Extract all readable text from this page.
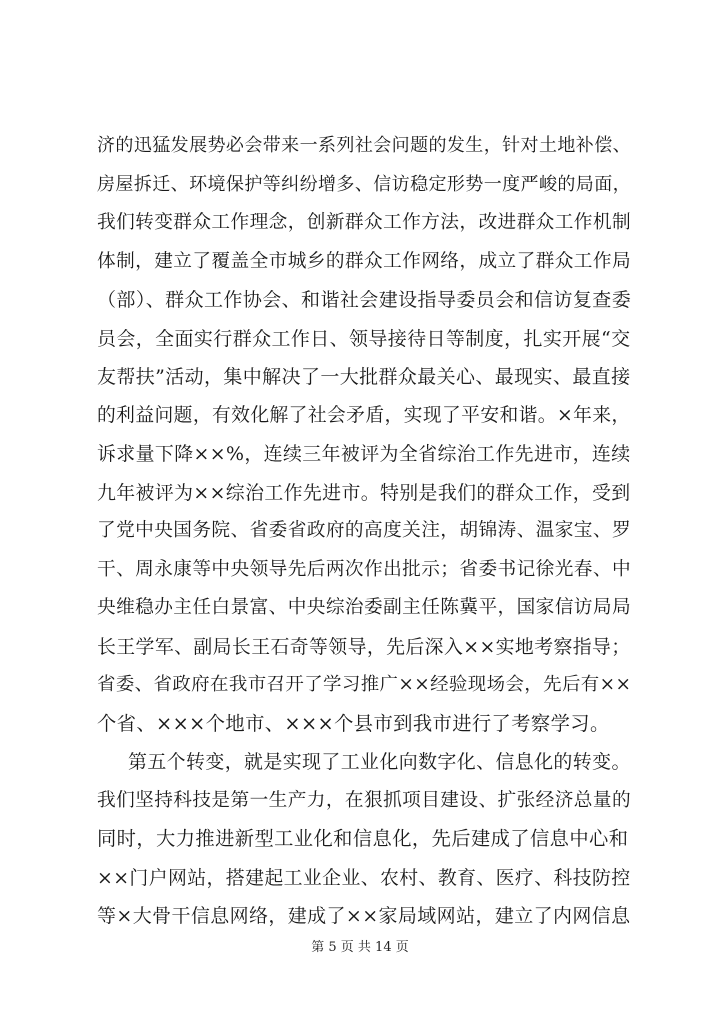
济的迅猛发展势必会带来一系列社会问题的发生，针对土地补偿、
房屋拆迁、环境保护等纠纷增多、信访稳定形势一度严峻的局面，
我们转变群众工作理念，创新群众工作方法，改进群众工作机制
体制，建立了覆盖全市城乡的群众工作网络，成立了群众工作局
（部）、群众工作协会、和谐社会建设指导委员会和信访复查委
员会，全面实行群众工作日、领导接待日等制度，扎实开展“交
友帮扶”活动，集中解决了一大批群众最关心、最现实、最直接
的利益问题，有效化解了社会矛盾，实现了平安和谐。×年来，
诉求量下降××%，连续三年被评为全省综治工作先进市，连续
九年被评为××综治工作先进市。特别是我们的群众工作，受到
了党中央国务院、省委省政府的高度关注，胡锦涛、温家宝、罗
干、周永康等中央领导先后两次作出批示；省委书记徐光春、中
央维稳办主任白景富、中央综治委副主任陈冀平，国家信访局局
长王学军、副局长王石奇等领导，先后深入××实地考察指导；
省委、省政府在我市召开了学习推广××经验现场会，先后有××
个省、×××个地市、×××个县市到我市进行了考察学习。
第五个转变，就是实现了工业化向数字化、信息化的转变。
我们坚持科技是第一生产力，在狠抓项目建设、扩张经济总量的
同时，大力推进新型工业化和信息化，先后建成了信息中心和
××门户网站，搭建起工业企业、农村、教育、医疗、科技防控
等×大骨干信息网络，建成了××家局域网站，建立了内网信息
第 5 页 共 14 页
